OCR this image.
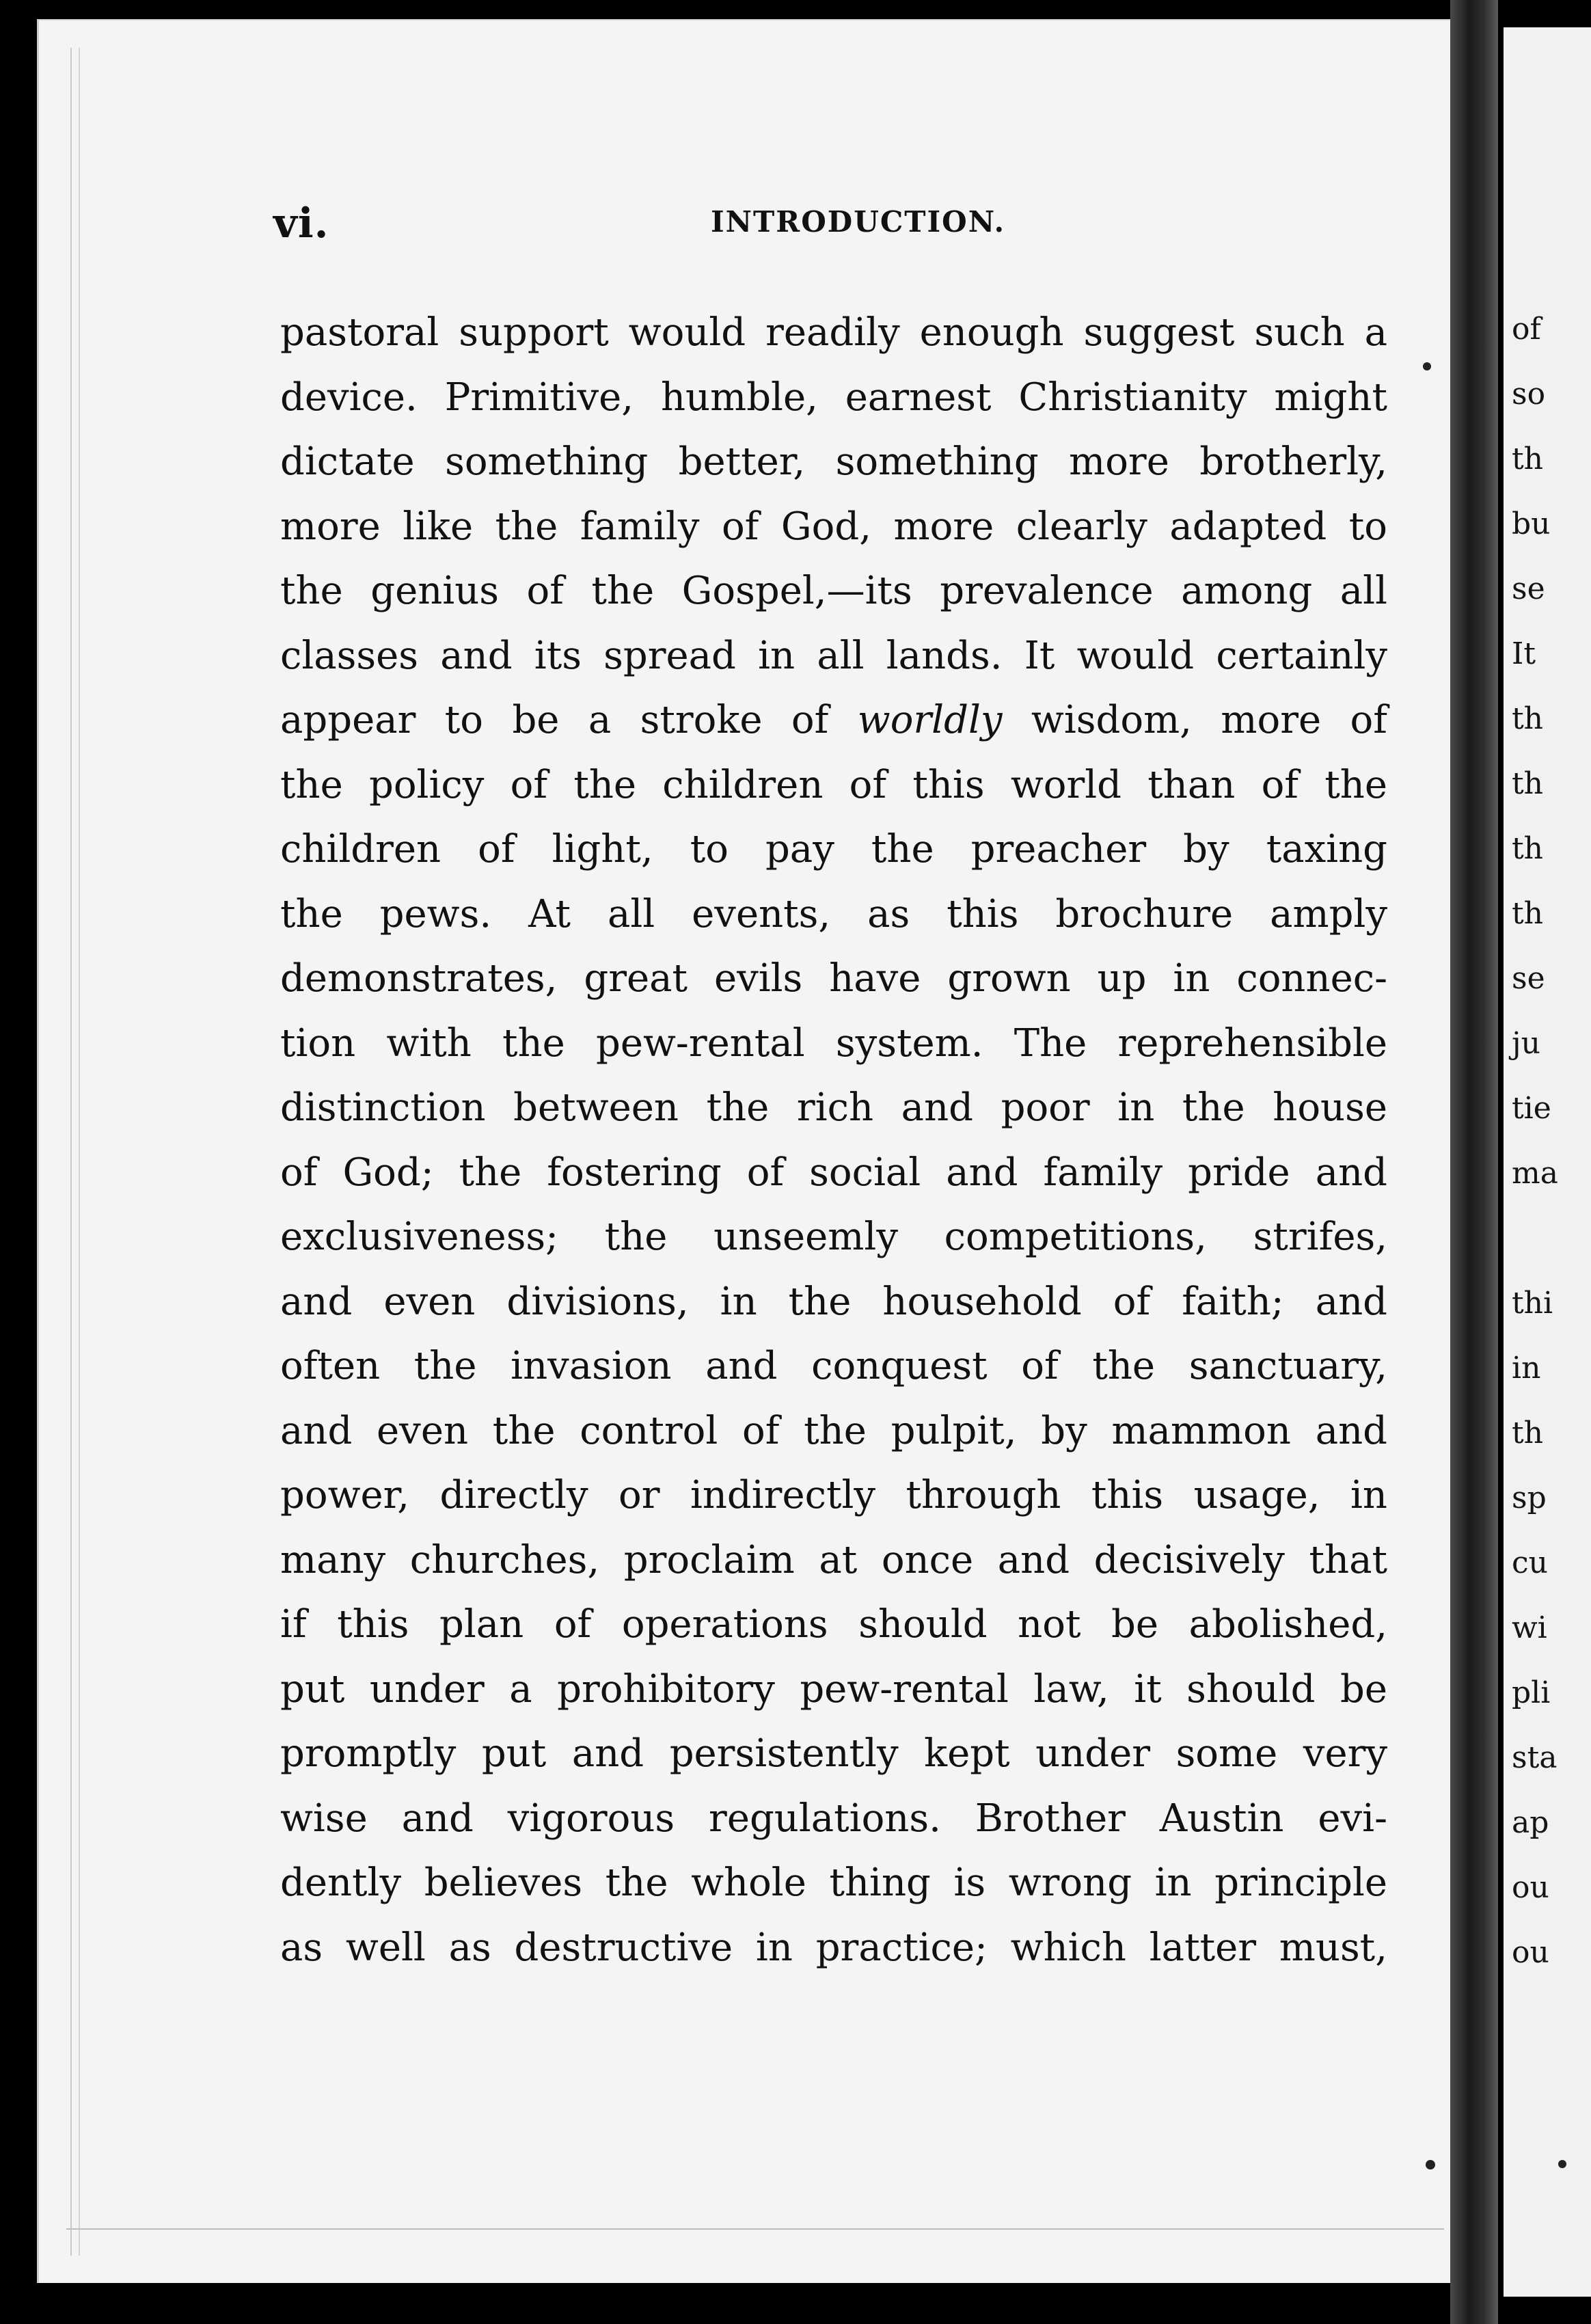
vi.	INTRODUCTION.
pastoral support would readily enough suggest such a
device. Primitive, humble, earnest Christianity might
dictate something better, something more brotherly,
more like the family of God, more clearly adapted to
the genius of the Gospel,—its prevalence among all
classes and its spread in all lands. It would certainly
appear to be a stroke of worldly wisdom, more of
the policy of the children of this world than of the
children of light, to pay the preacher by taxing
the pews. At all events, as this brochure amply
demonstrates, great evils have grown up in connec-
tion with the pew-rental system. The reprehensible
distinction between the rich and poor in the house
of God; the fostering of social and family pride and
exclusiveness; the unseemly competitions, strifes,
and even divisions, in the household of faith; and
often the invasion and conquest of the sanctuary,
and even the control of the pulpit, by mammon and
power, directly or indirectly through this usage, in
many churches, proclaim at once and decisively that
if this plan of operations should not be abolished,
put under a prohibitory pew-rental law, it should be
promptly put and persistently kept under some very
wise and vigorous regulations. Brother Austin evi-
dently believes the whole thing is wrong in principle
as well as destructive in practice; which latter must,
of
so
th
bu
se
It
th
th
th
th
se
ju
tie
ma
thi
in
th
sp
cu
wi
pli
sta
ap
ou
ou
